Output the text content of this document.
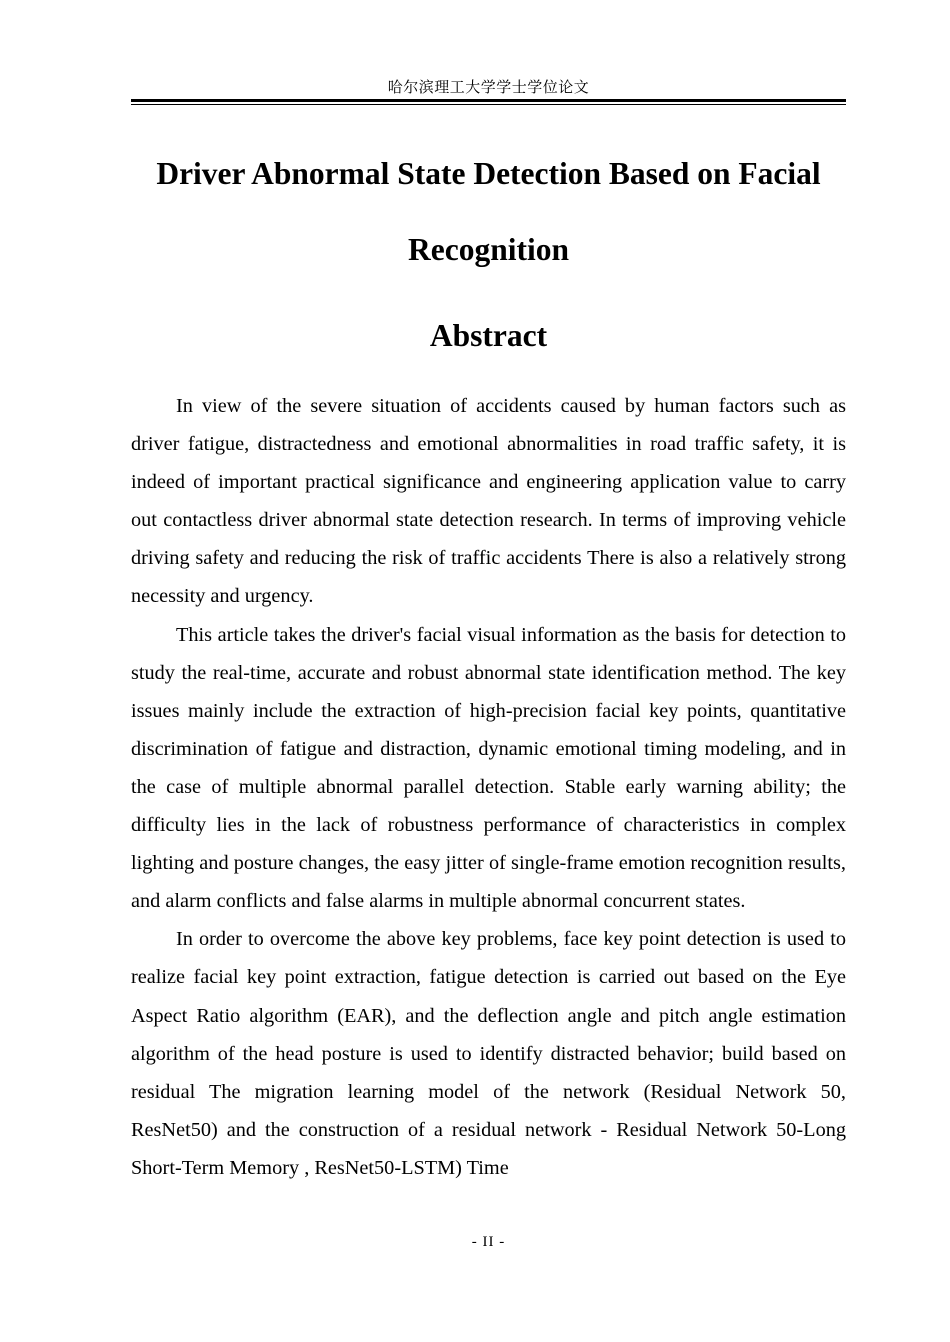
哈尔滨理工大学学士学位论文
Driver Abnormal State Detection Based on Facial Recognition
Abstract

In view of the severe situation of accidents caused by human factors such as driver fatigue, distractedness and emotional abnormalities in road traffic safety, it is indeed of important practical significance and engineering application value to carry out contactless driver abnormal state detection research. In terms of improving vehicle driving safety and reducing the risk of traffic accidents There is also a relatively strong necessity and urgency.

This article takes the driver's facial visual information as the basis for detection to study the real-time, accurate and robust abnormal state identification method. The key issues mainly include the extraction of high-precision facial key points, quantitative discrimination of fatigue and distraction, dynamic emotional timing modeling, and in the case of multiple abnormal parallel detection. Stable early warning ability; the difficulty lies in the lack of robustness performance of characteristics in complex lighting and posture changes, the easy jitter of single-frame emotion recognition results, and alarm conflicts and false alarms in multiple abnormal concurrent states.

In order to overcome the above key problems, face key point detection is used to realize facial key point extraction, fatigue detection is carried out based on the Eye Aspect Ratio algorithm (EAR), and the deflection angle and pitch angle estimation algorithm of the head posture is used to identify distracted behavior; build based on residual The migration learning model of the network (Residual Network 50, ResNet50) and the construction of a residual network - Residual Network 50-Long Short-Term Memory , ResNet50-LSTM) Time

- II -
